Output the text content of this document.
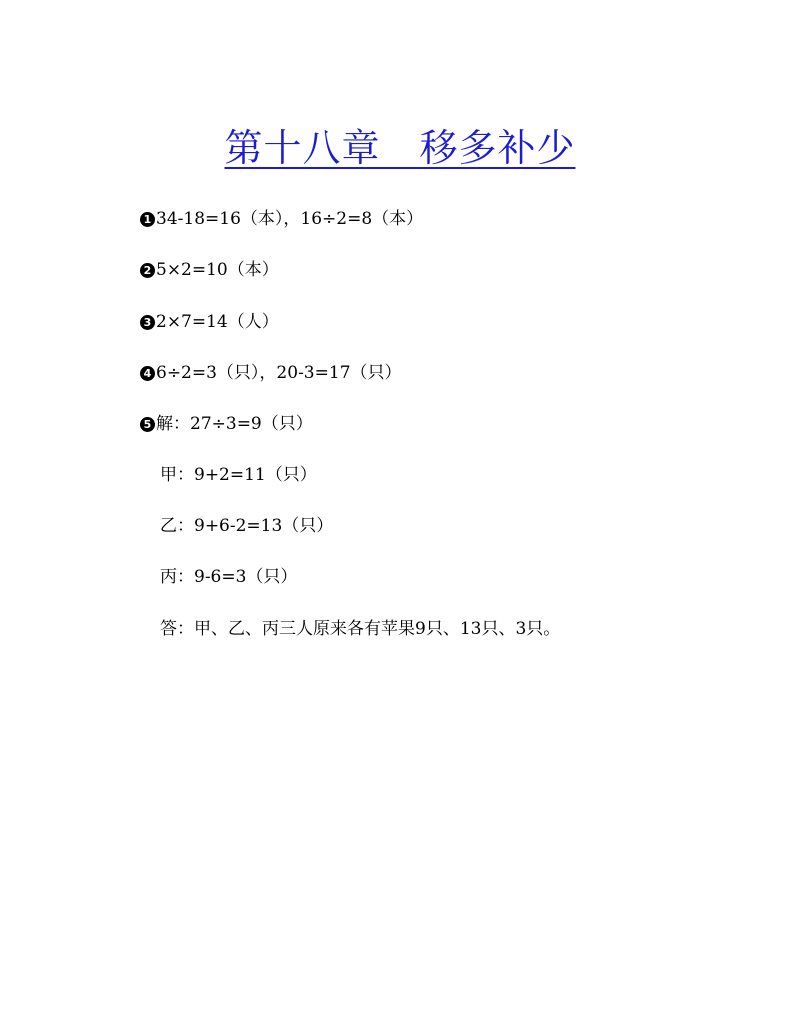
第十八章　移多补少
1 34-18=16（本），16÷2=8（本）
2 5×2=10（本）
3 2×7=14（人）
4 6÷2=3（只），20-3=17（只）
5 解：27÷3=9（只）
甲：9+2=11（只）
乙：9+6-2=13（只）
丙：9-6=3（只）
答：甲、乙、丙三人原来各有苹果9只、13只、3只。
